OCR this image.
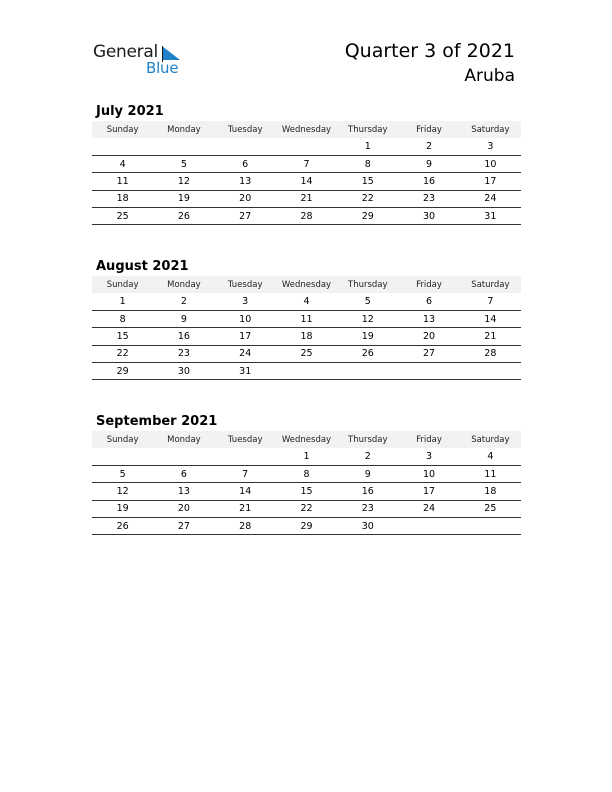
General
Blue
Quarter 3 of 2021
Aruba
July 2021
Sunday	Monday	Tuesday	Wednesday	Thursday	Friday	Saturday
				1	2	3
4	5	6	7	8	9	10
11	12	13	14	15	16	17
18	19	20	21	22	23	24
25	26	27	28	29	30	31
August 2021
Sunday	Monday	Tuesday	Wednesday	Thursday	Friday	Saturday
1	2	3	4	5	6	7
8	9	10	11	12	13	14
15	16	17	18	19	20	21
22	23	24	25	26	27	28
29	30	31				
September 2021
Sunday	Monday	Tuesday	Wednesday	Thursday	Friday	Saturday
			1	2	3	4
5	6	7	8	9	10	11
12	13	14	15	16	17	18
19	20	21	22	23	24	25
26	27	28	29	30		
